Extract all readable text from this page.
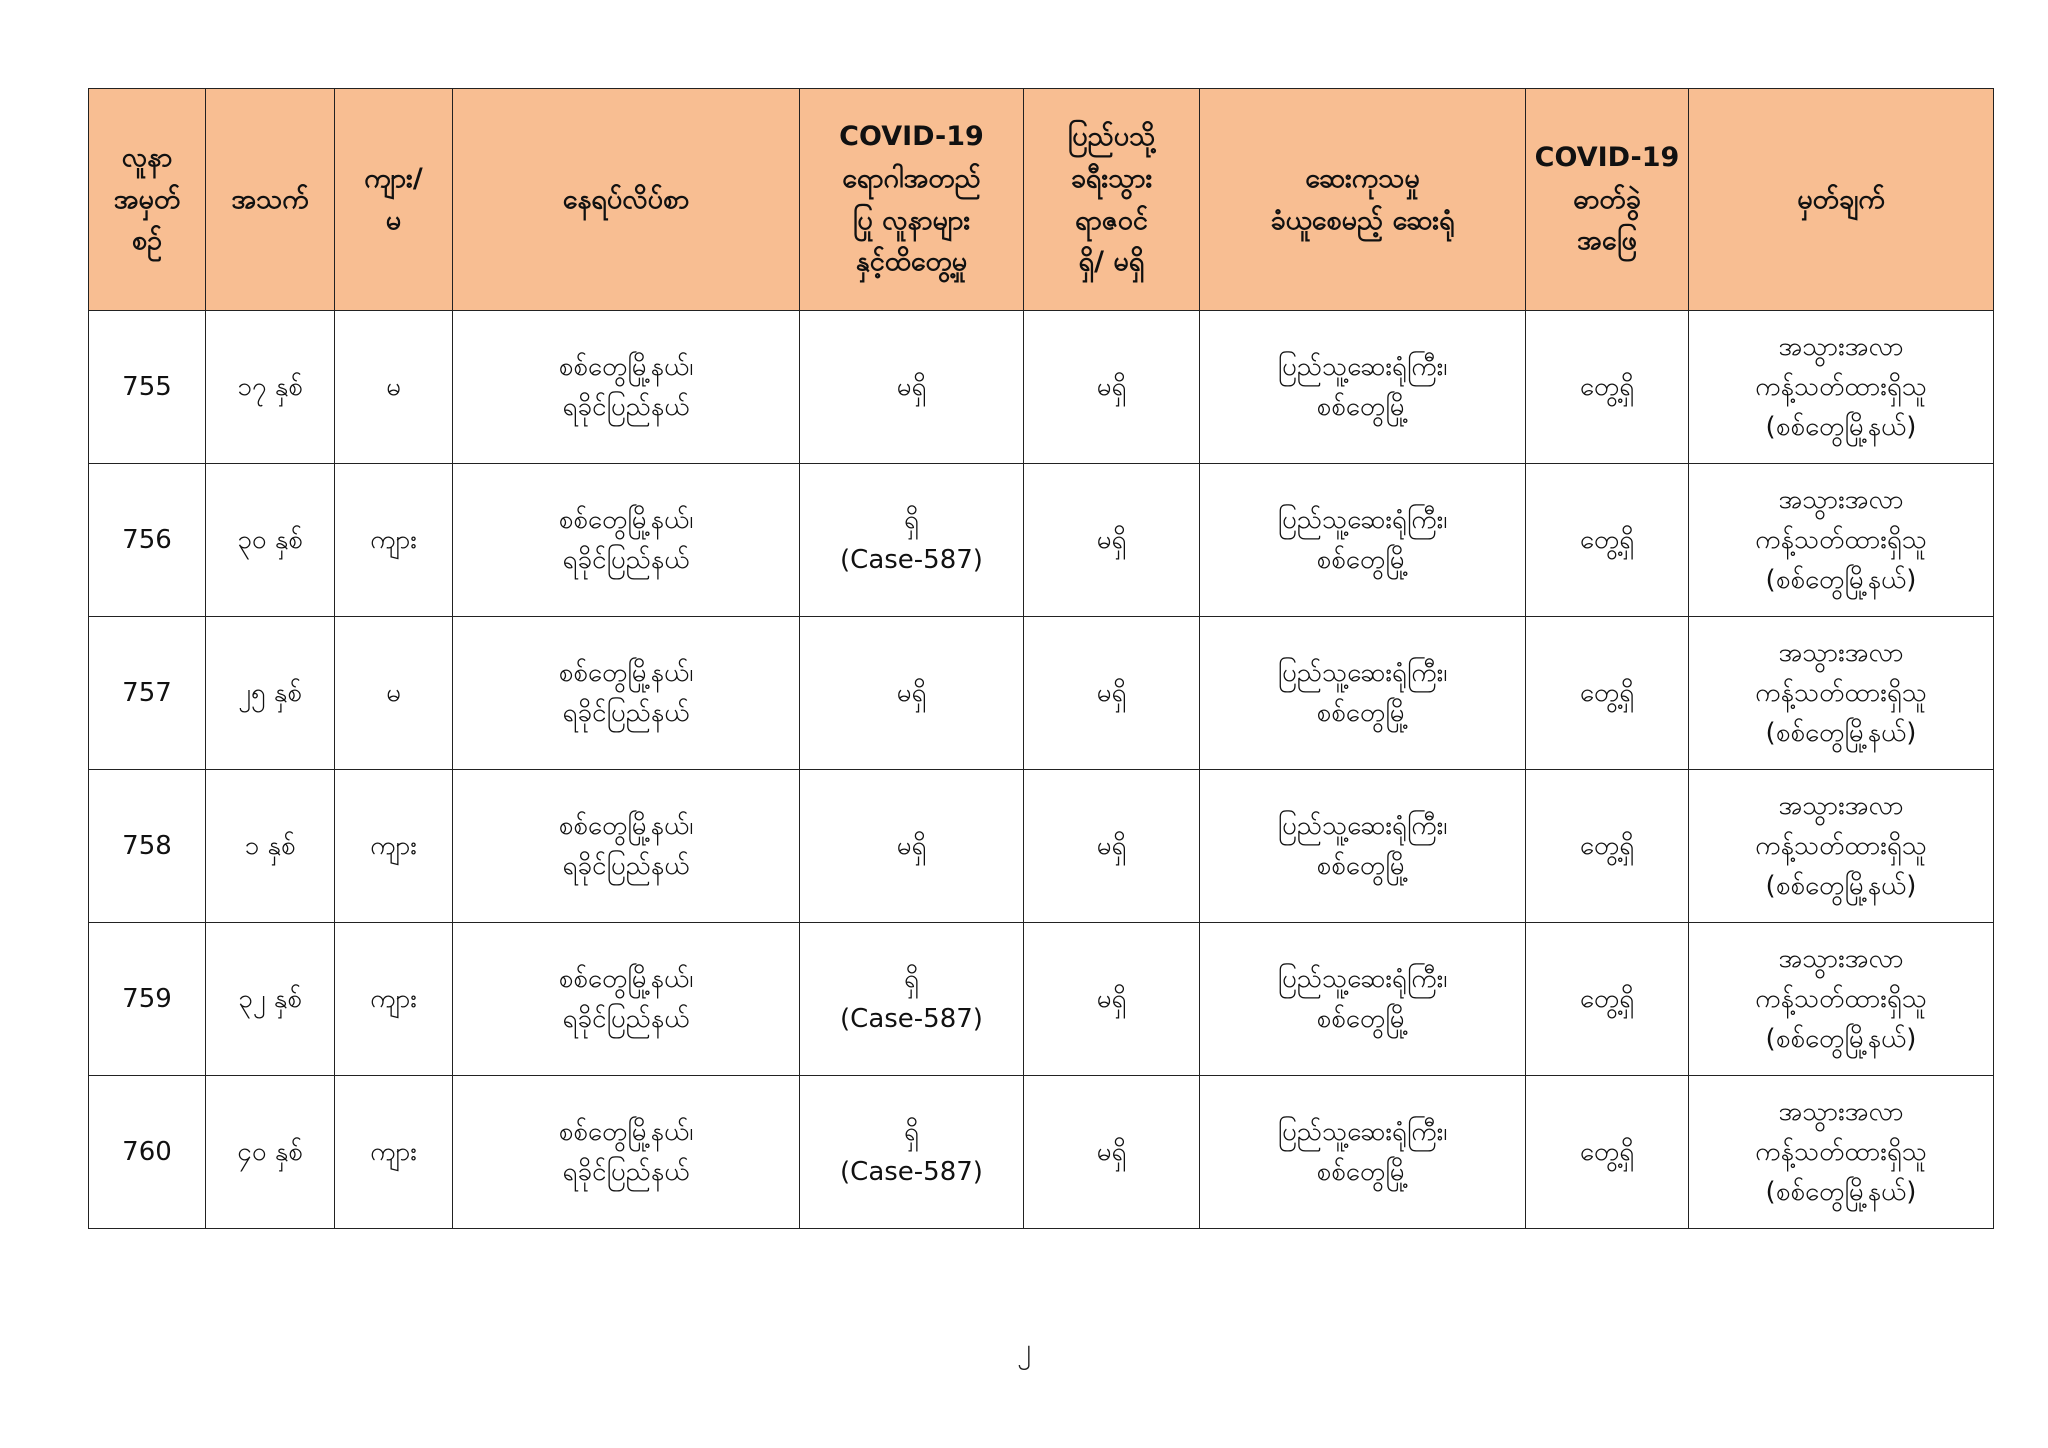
လူနာ
အမှတ်
စဉ်	အသက်	ကျား/
မ	နေရပ်လိပ်စာ	COVID-19
ရောဂါအတည်
ပြု လူနာများ
နှင့်ထိတွေ့မှု	ပြည်ပသို့
ခရီးသွား
ရာဇဝင်
ရှိ/ မရှိ	ဆေးကုသမှု
ခံယူစေမည့် ဆေးရုံ	COVID-19
ဓာတ်ခွဲ
အဖြေ	မှတ်ချက်

755	၁၇ နှစ်	မ	စစ်တွေမြို့နယ်၊
ရခိုင်ပြည်နယ်	မရှိ	မရှိ	ပြည်သူ့ဆေးရုံကြီး၊
စစ်တွေမြို့	တွေ့ရှိ	အသွားအလာ
ကန့်သတ်ထားရှိသူ
(စစ်တွေမြို့နယ်)

756	၃၀ နှစ်	ကျား	စစ်တွေမြို့နယ်၊
ရခိုင်ပြည်နယ်	ရှိ
(Case-587)	မရှိ	ပြည်သူ့ဆေးရုံကြီး၊
စစ်တွေမြို့	တွေ့ရှိ	အသွားအလာ
ကန့်သတ်ထားရှိသူ
(စစ်တွေမြို့နယ်)

757	၂၅ နှစ်	မ	စစ်တွေမြို့နယ်၊
ရခိုင်ပြည်နယ်	မရှိ	မရှိ	ပြည်သူ့ဆေးရုံကြီး၊
စစ်တွေမြို့	တွေ့ရှိ	အသွားအလာ
ကန့်သတ်ထားရှိသူ
(စစ်တွေမြို့နယ်)

758	၁ နှစ်	ကျား	စစ်တွေမြို့နယ်၊
ရခိုင်ပြည်နယ်	မရှိ	မရှိ	ပြည်သူ့ဆေးရုံကြီး၊
စစ်တွေမြို့	တွေ့ရှိ	အသွားအလာ
ကန့်သတ်ထားရှိသူ
(စစ်တွေမြို့နယ်)

759	၃၂ နှစ်	ကျား	စစ်တွေမြို့နယ်၊
ရခိုင်ပြည်နယ်	ရှိ
(Case-587)	မရှိ	ပြည်သူ့ဆေးရုံကြီး၊
စစ်တွေမြို့	တွေ့ရှိ	အသွားအလာ
ကန့်သတ်ထားရှိသူ
(စစ်တွေမြို့နယ်)

760	၄၀ နှစ်	ကျား	စစ်တွေမြို့နယ်၊
ရခိုင်ပြည်နယ်	ရှိ
(Case-587)	မရှိ	ပြည်သူ့ဆေးရုံကြီး၊
စစ်တွေမြို့	တွေ့ရှိ	အသွားအလာ
ကန့်သတ်ထားရှိသူ
(စစ်တွေမြို့နယ်)
၂
